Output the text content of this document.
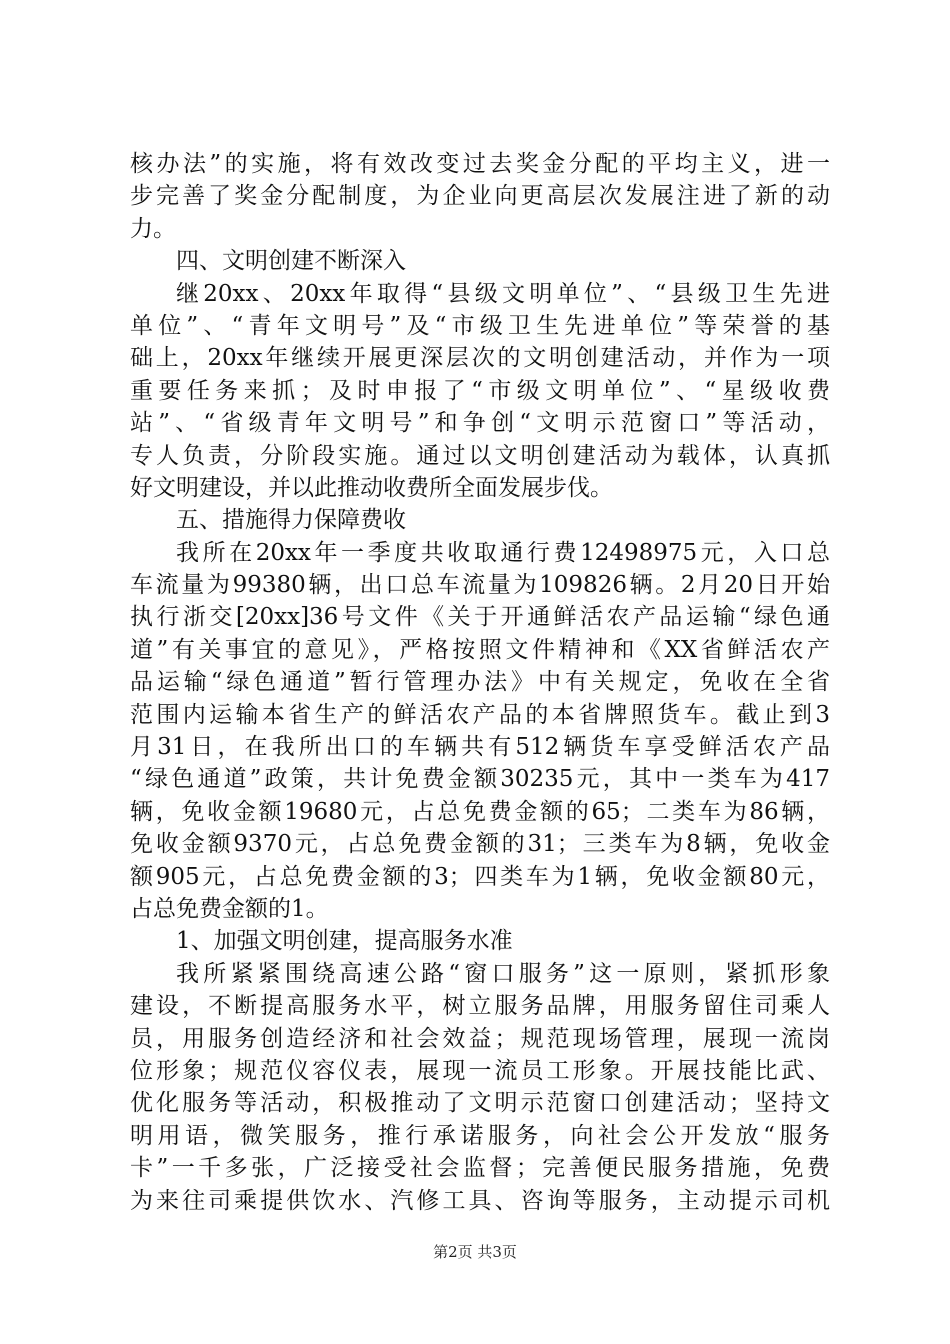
核办法”的实施，将有效改变过去奖金分配的平均主义，进一
步完善了奖金分配制度，为企业向更高层次发展注进了新的动
力。
四、文明创建不断深入
继20xx、20xx年取得“县级文明单位”、“县级卫生先进
单位”、“青年文明号”及“市级卫生先进单位”等荣誉的基
础上，20xx年继续开展更深层次的文明创建活动，并作为一项
重要任务来抓；及时申报了“市级文明单位”、“星级收费
站”、“省级青年文明号”和争创“文明示范窗口”等活动，
专人负责，分阶段实施。通过以文明创建活动为载体，认真抓
好文明建设，并以此推动收费所全面发展步伐。
五、措施得力保障费收
我所在20xx年一季度共收取通行费12498975元，入口总
车流量为99380辆，出口总车流量为109826辆。2月20日开始
执行浙交[20xx]36号文件《关于开通鲜活农产品运输“绿色通
道”有关事宜的意见》，严格按照文件精神和《XX省鲜活农产
品运输“绿色通道”暂行管理办法》中有关规定，免收在全省
范围内运输本省生产的鲜活农产品的本省牌照货车。截止到3
月31日，在我所出口的车辆共有512辆货车享受鲜活农产品
“绿色通道”政策，共计免费金额30235元，其中一类车为417
辆，免收金额19680元，占总免费金额的65；二类车为86辆，
免收金额9370元，占总免费金额的31；三类车为8辆，免收金
额905元，占总免费金额的3；四类车为1辆，免收金额80元，
占总免费金额的1。
1、加强文明创建，提高服务水准
我所紧紧围绕高速公路“窗口服务”这一原则，紧抓形象
建设，不断提高服务水平，树立服务品牌，用服务留住司乘人
员，用服务创造经济和社会效益；规范现场管理，展现一流岗
位形象；规范仪容仪表，展现一流员工形象。开展技能比武、
优化服务等活动，积极推动了文明示范窗口创建活动；坚持文
明用语，微笑服务，推行承诺服务，向社会公开发放“服务
卡”一千多张，广泛接受社会监督；完善便民服务措施，免费
为来往司乘提供饮水、汽修工具、咨询等服务，主动提示司机
第2页 共3页
